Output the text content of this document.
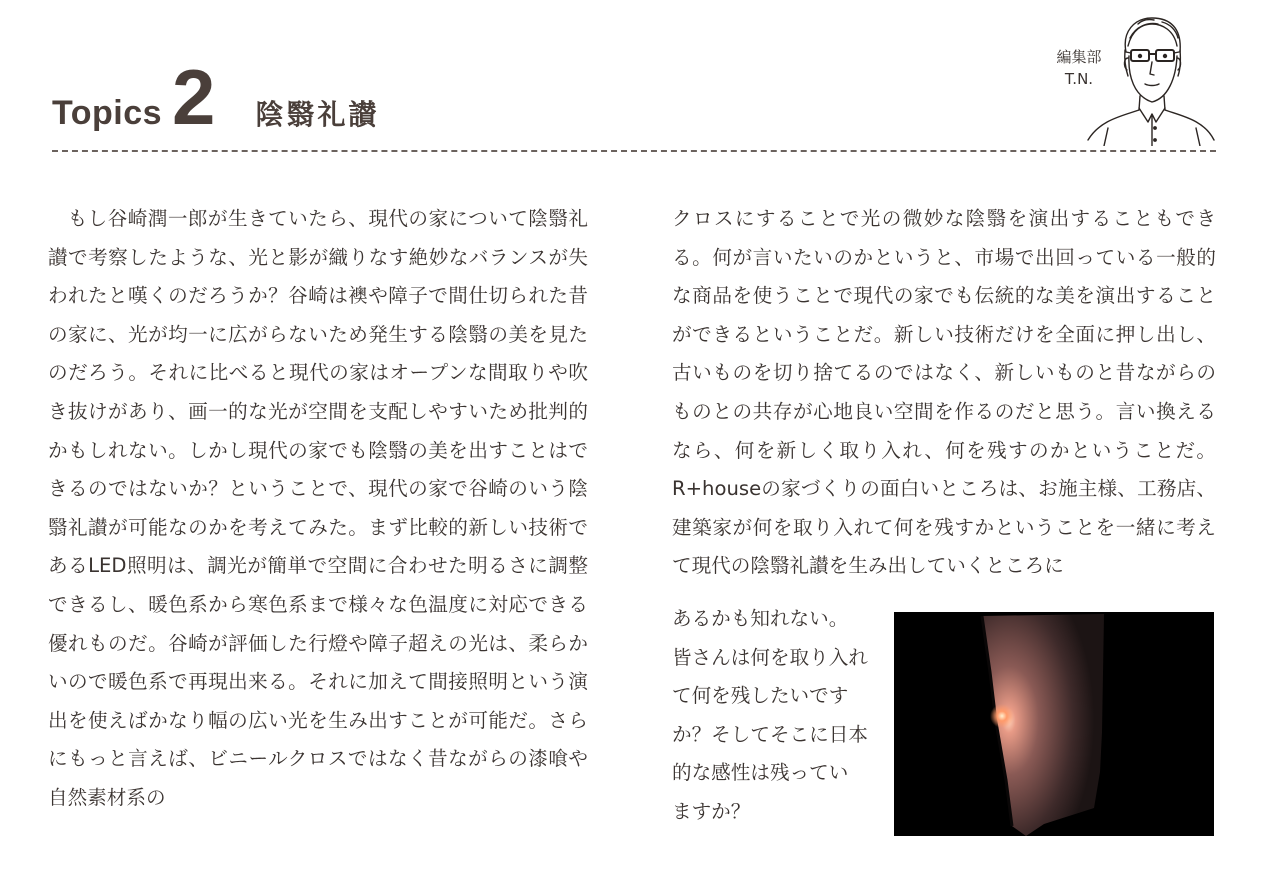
Topics 2 陰翳礼讃
編集部
T.N.

もし谷崎潤一郎が生きていたら、現代の家について陰翳礼讃で考察したような、光と影が織りなす絶妙なバランスが失われたと嘆くのだろうか？谷崎は襖や障子で間仕切られた昔の家に、光が均一に広がらないため発生する陰翳の美を見たのだろう。それに比べると現代の家はオープンな間取りや吹き抜けがあり、画一的な光が空間を支配しやすいため批判的かもしれない。しかし現代の家でも陰翳の美を出すことはできるのではないか？ということで、現代の家で谷崎のいう陰翳礼讃が可能なのかを考えてみた。まず比較的新しい技術であるLED照明は、調光が簡単で空間に合わせた明るさに調整できるし、暖色系から寒色系まで様々な色温度に対応できる優れものだ。谷崎が評価した行燈や障子超えの光は、柔らかいので暖色系で再現出来る。それに加えて間接照明という演出を使えばかなり幅の広い光を生み出すことが可能だ。さらにもっと言えば、ビニールクロスではなく昔ながらの漆喰や自然素材系の

クロスにすることで光の微妙な陰翳を演出することもできる。何が言いたいのかというと、市場で出回っている一般的な商品を使うことで現代の家でも伝統的な美を演出することができるということだ。新しい技術だけを全面に押し出し、古いものを切り捨てるのではなく、新しいものと昔ながらのものとの共存が心地良い空間を作るのだと思う。言い換えるなら、何を新しく取り入れ、何を残すのかということだ。R+houseの家づくりの面白いところは、お施主様、工務店、建築家が何を取り入れて何を残すかということを一緒に考えて現代の陰翳礼讃を生み出していくところに

あるかも知れない。

皆さんは何を取り入れ

て何を残したいです

か？そしてそこに日本

的な感性は残ってい

ますか？
